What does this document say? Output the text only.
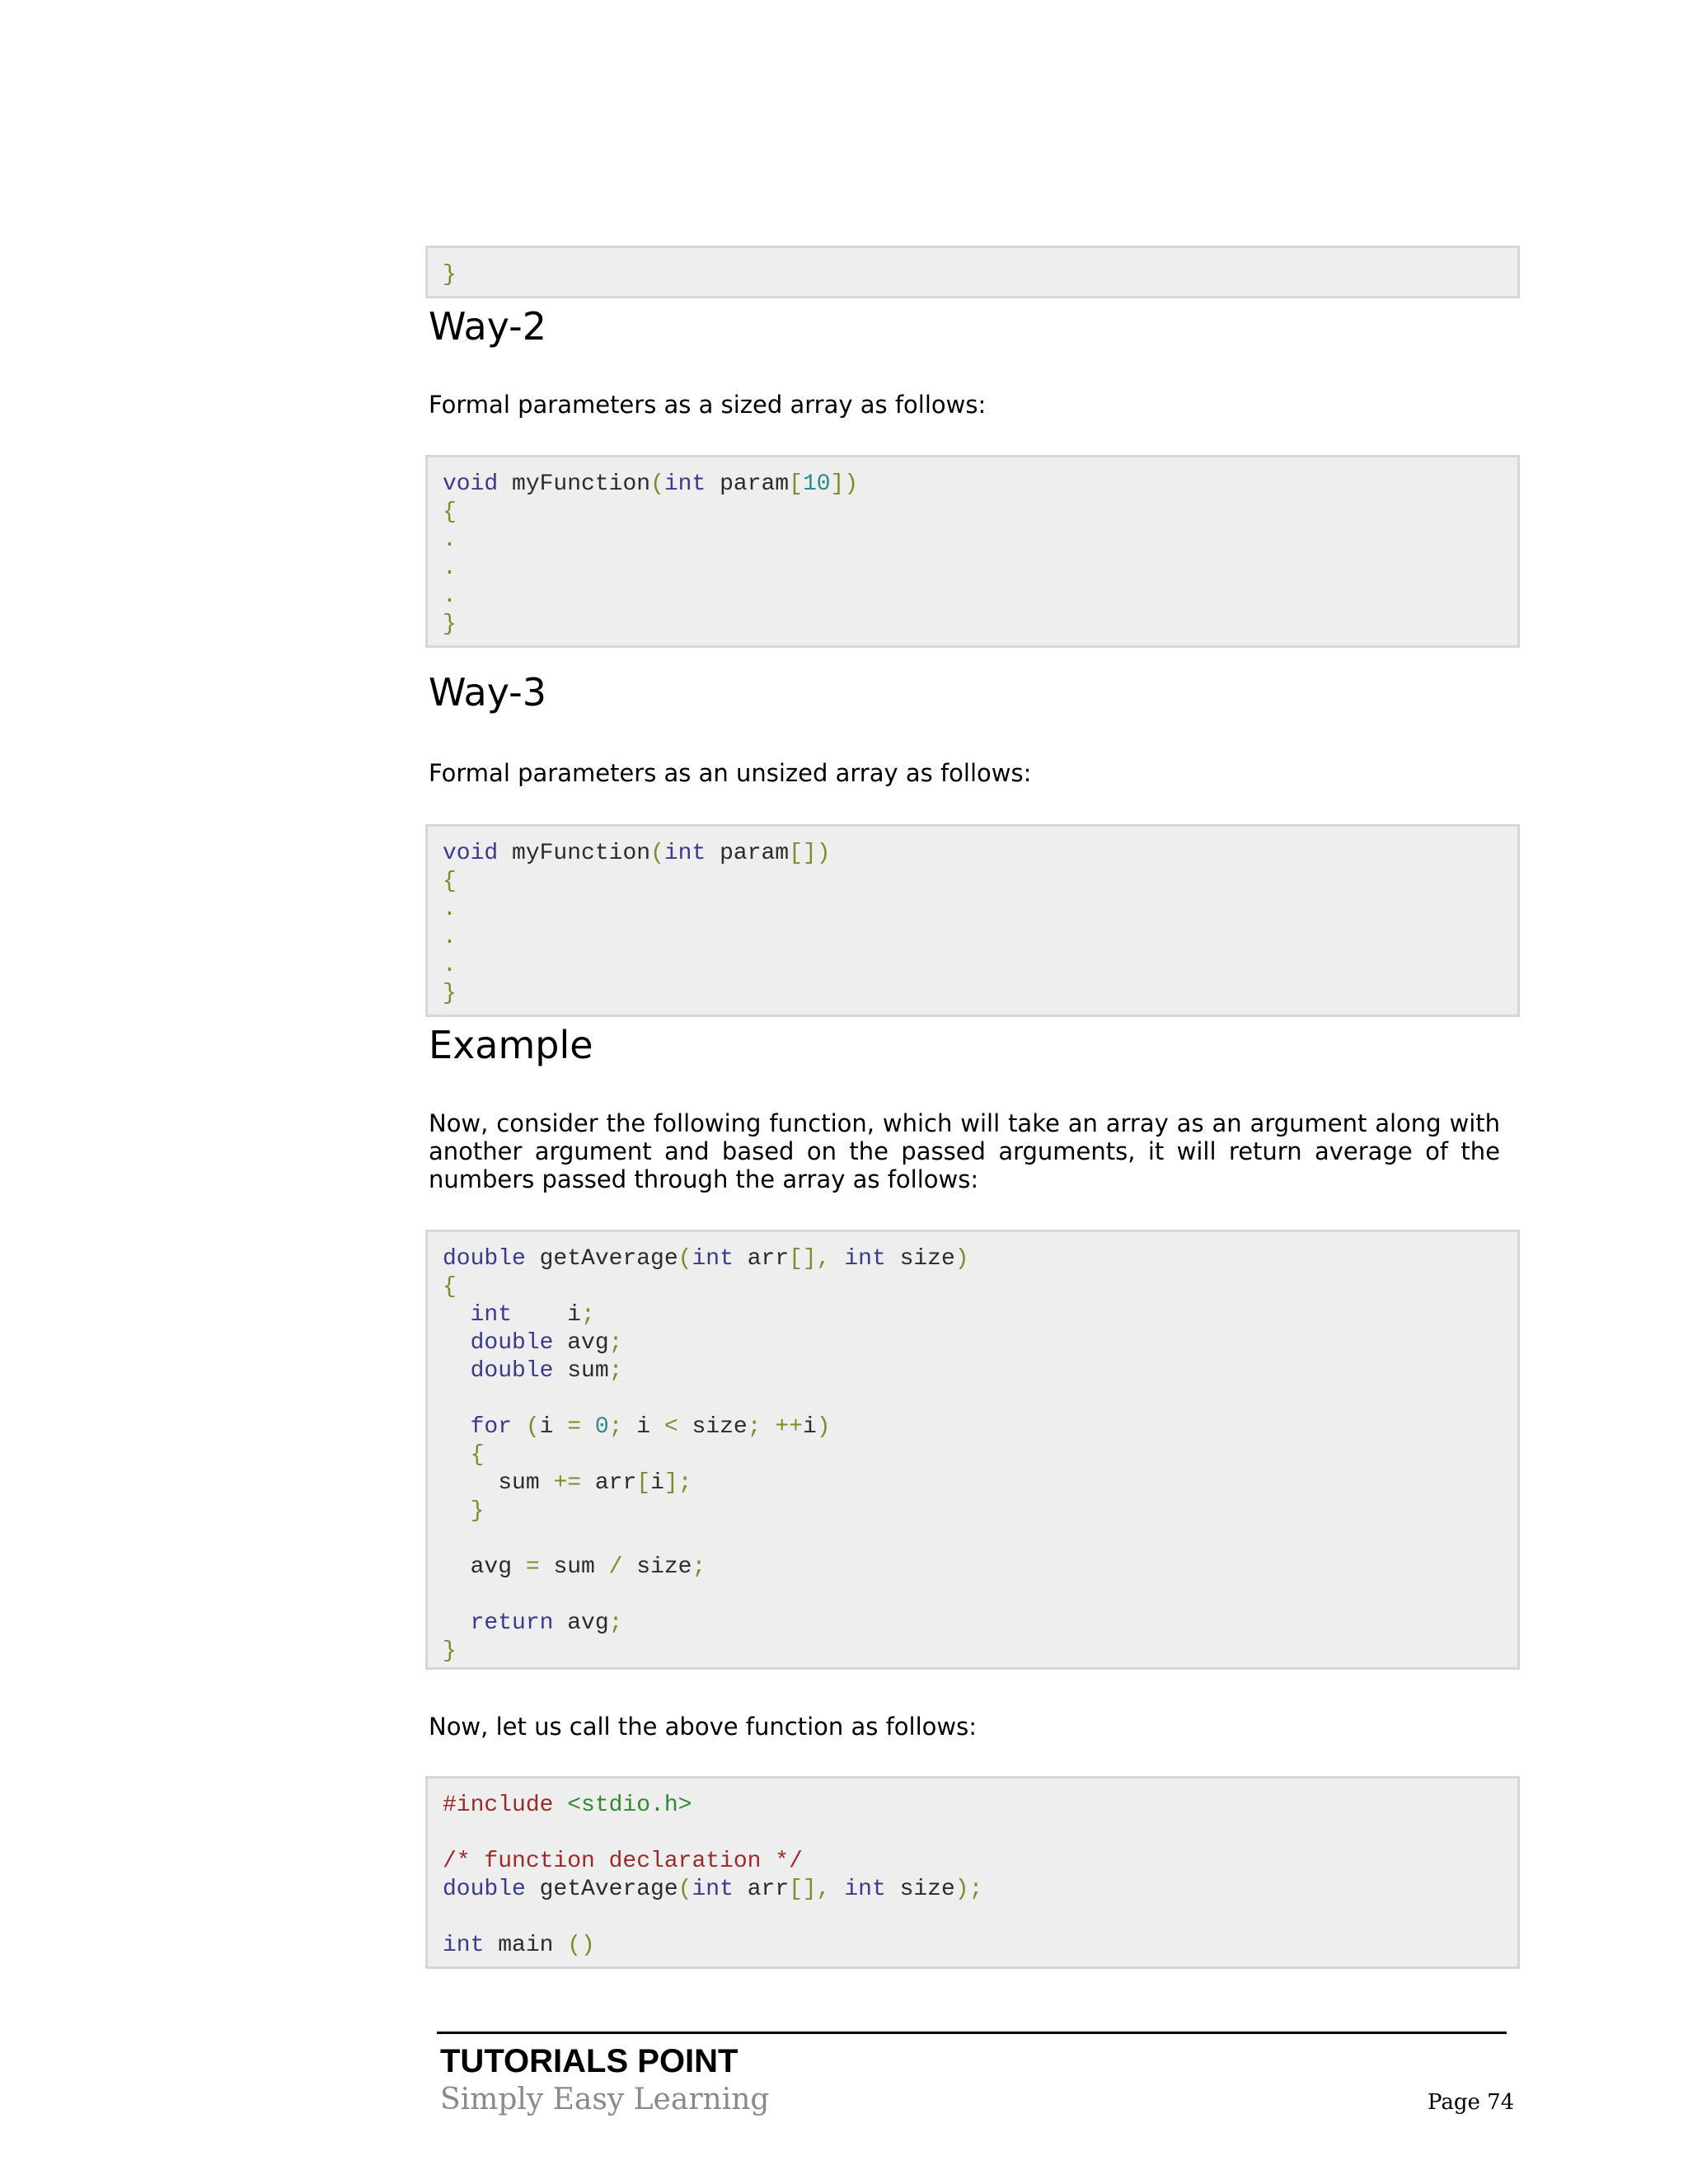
}
Way-2

Formal parameters as a sized array as follows:

void myFunction(int param[10])
{
.
.
.
}
Way-3

Formal parameters as an unsized array as follows:

void myFunction(int param[])
{
.
.
.
}
Example

Now, consider the following function, which will take an array as an argument along with another argument and based on the passed arguments, it will return average of the numbers passed through the array as follows:

double getAverage(int arr[], int size)
{
int    i;
double avg;
double sum;
for (i = 0; i < size; ++i)
{
sum += arr[i];
}
avg = sum / size;
return avg;
}

Now, let us call the above function as follows:

#include <stdio.h>
/* function declaration */
double getAverage(int arr[], int size);
int main ()
TUTORIALS POINT
Simply Easy Learning	Page 74
